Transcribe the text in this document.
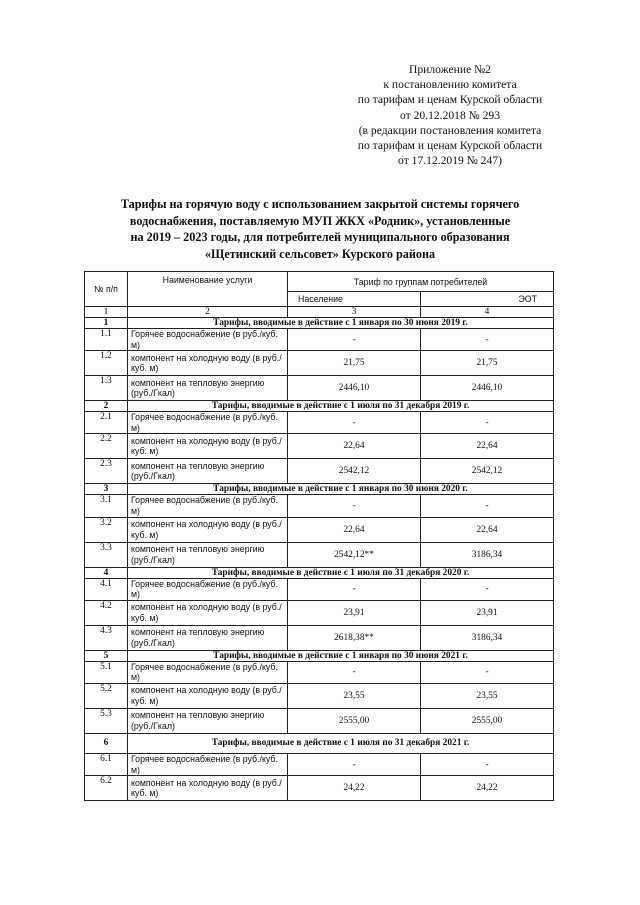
Приложение №2
к постановлению комитета
по тарифам и ценам Курской области
от 20.12.2018 № 293
(в редакции постановления комитета
по тарифам и ценам Курской области
от 17.12.2019 № 247)
Тарифы на горячую воду с использованием закрытой системы горячего
водоснабжения, поставляемую МУП ЖКХ «Родник», установленные
на 2019 – 2023 годы, для потребителей муниципального образования
«Щетинский сельсовет» Курского района
№ п/п	Наименование услуги	Тариф по группам потребителей	
		Население	ЭОТ
1	2	3	4
1	Тарифы, вводимые в действие с 1 января по 30 июня 2019 г.		
1.1	Горячее водоснабжение (в руб./куб. м)	-	-
1.2	компонент на холодную воду (в руб./куб. м)	21,75	21,75
1.3	компонент на тепловую энергию (руб./Гкал)	2446,10	2446,10
2	Тарифы, вводимые в действие с 1 июля по 31 декабря 2019 г.		
2.1	Горячее водоснабжение (в руб./куб. м)	-	-
2.2	компонент на холодную воду (в руб./куб. м)	22,64	22,64
2.3	компонент на тепловую энергию (руб./Гкал)	2542,12	2542,12
3	Тарифы, вводимые в действие с 1 января по 30 июня 2020 г.		
3.1	Горячее водоснабжение (в руб./куб. м)	-	-
3.2	компонент на холодную воду (в руб./куб. м)	22,64	22,64
3.3	компонент на тепловую энергию (руб./Гкал)	2542,12**	3186,34
4	Тарифы, вводимые в действие с 1 июля по 31 декабря 2020 г.		
4.1	Горячее водоснабжение (в руб./куб. м)	-	-
4.2	компонент на холодную воду (в руб./куб. м)	23,91	23,91
4.3	компонент на тепловую энергию (руб./Гкал)	2618,38**	3186,34
5	Тарифы, вводимые в действие с 1 января по 30 июня 2021 г.		
5.1	Горячее водоснабжение (в руб./куб. м)	-	-
5.2	компонент на холодную воду (в руб./куб. м)	23,55	23,55
5.3	компонент на тепловую энергию (руб./Гкал)	2555,00	2555,00
6	Тарифы, вводимые в действие с 1 июля по 31 декабря 2021 г.		
6.1	Горячее водоснабжение (в руб./куб. м)	-	-
6.2	компонент на холодную воду (в руб./куб. м)	24,22	24,22
